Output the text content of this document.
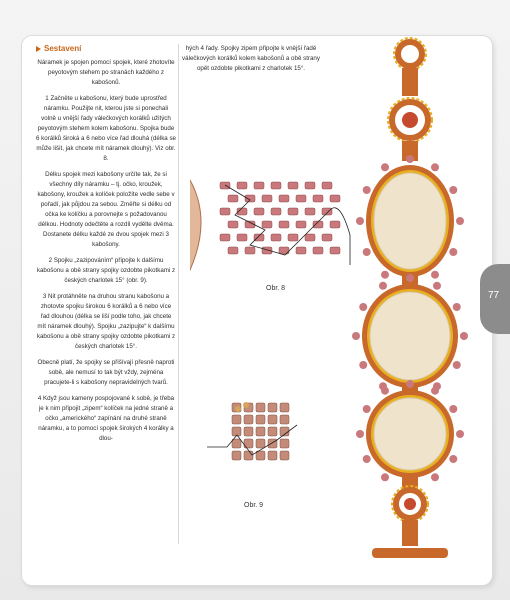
Sestavení

Náramek je spojen pomocí spojek, které zhotovíte peyotovým stehem po stranách každého z kabošonů.

1 Začněte u kabošonu, který bude uprostřed náramku. Použijte nit, kterou jste si ponechali volně u vnější řady válečkových korálků užitých peyotovým stehem kolem kabošonu. Spojka bude 6 korálků široká a 6 nebo více řad dlouhá (délka se může lišit, jak chcete mít náramek dlouhý). Viz obr. 8.

Délku spojek mezi kabošony určíte tak, že si všechny díly náramku – tj. očko, kroužek, kabošony, kroužek a kolíček položíte vedle sebe v pořadí, jak půjdou za sebou. Změřte si délku od očka ke kolíčku a porovnejte s požadovanou délkou. Hodnoty odečtěte a rozdíl vydělte dvěma. Dostanete délku každé ze dvou spojek mezi 3 kabošony.

2 Spojku „zazipováním“ připojte k dalšímu kabošonu a obě strany spojky ozdobte pikotkami z českých charlotek 15° (obr. 9).

3 Nit protáhněte na druhou stranu kabošonu a zhotovte spojku širokou 6 korálků a 6 nebo více řad dlouhou (délka se liší podle toho, jak chcete mít náramek dlouhý). Spojku „zazipujte“ k dalšímu kabošonu a obě strany spojky ozdobte pikotkami z českých charlotek 15°.

Obecně platí, že spojky se přišívají přesně naproti sobě, ale nemusí to tak být vždy, zejména pracujete-li s kabošony nepravidelných tvarů.

4 Když jsou kameny pospojované k sobě, je třeba je k nim připojit „zipem“ kolíček na jedné straně a očko „amerického“ zapínání na druhé straně náramku, a to pomocí spojek širokých 4 korálky a dlou-

hých 4 řady. Spojky zipem připojte k vnější řadě válečkových korálků kolem kabošonů a obě strany opět ozdobte pikotkami z charlotek 15°.

Obr. 8
Obr. 9
77
